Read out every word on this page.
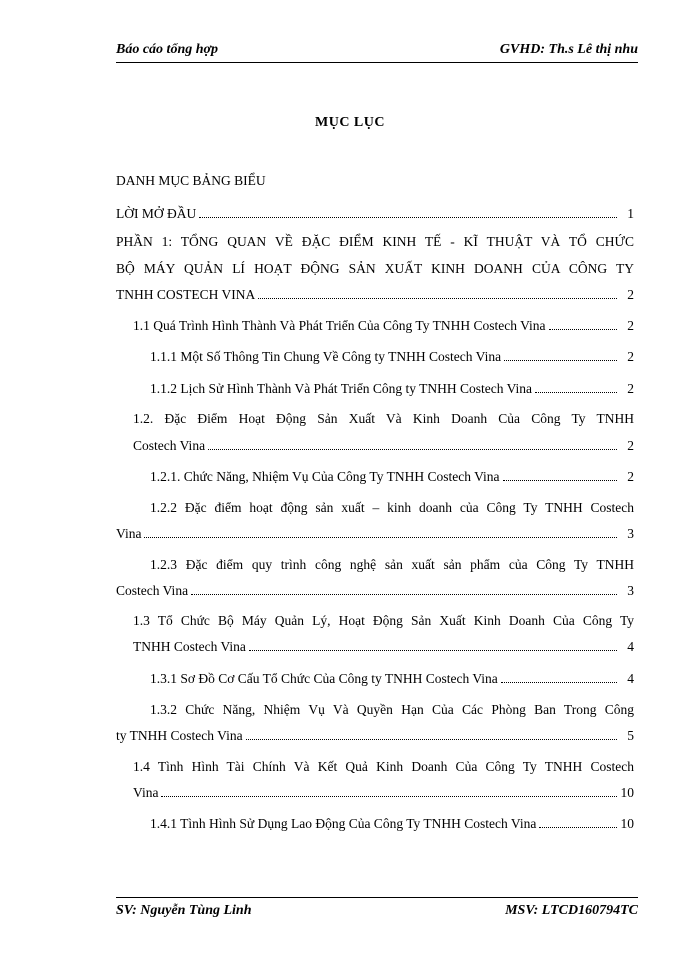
Báo cáo tổng hợp	GVHD: Th.s Lê thị nhu
MỤC LỤC
DANH MỤC BẢNG BIỂU
LỜI MỞ ĐẦU	1
PHẦN 1: TỔNG QUAN VỀ ĐẶC ĐIỂM KINH TẾ - KĨ THUẬT VÀ TỔ CHỨC
BỘ MÁY QUẢN LÍ HOẠT ĐỘNG SẢN XUẤT KINH DOANH CỦA CÔNG TY
TNHH COSTECH VINA	2
1.1 Quá Trình Hình Thành Và Phát Triển Của Công Ty TNHH Costech Vina	2
1.1.1 Một Số Thông Tin Chung Về Công ty TNHH Costech Vina	2
1.1.2 Lịch Sử Hình Thành Và Phát Triển Công ty TNHH Costech Vina	2
1.2. Đặc Điểm Hoạt Động Sản Xuất Và Kinh Doanh Của Công Ty TNHH
Costech Vina	2
1.2.1. Chức Năng, Nhiệm Vụ Của Công Ty TNHH Costech Vina	2
1.2.2 Đặc điểm hoạt động sản xuất – kinh doanh của Công Ty TNHH Costech
Vina	3
1.2.3 Đặc điểm quy trình công nghệ sản xuất sản phẩm của Công Ty TNHH
Costech Vina	3
1.3 Tổ Chức Bộ Máy Quản Lý, Hoạt Động Sản Xuất Kinh Doanh Của Công Ty
TNHH Costech Vina	4
1.3.1 Sơ Đồ Cơ Cấu Tổ Chức Của Công ty TNHH Costech Vina	4
1.3.2 Chức Năng, Nhiệm Vụ Và Quyền Hạn Của Các Phòng Ban Trong Công
ty TNHH Costech Vina	5
1.4 Tình Hình Tài Chính Và Kết Quả Kinh Doanh Của Công Ty TNHH Costech
Vina	10
1.4.1 Tình Hình Sử Dụng Lao Động Của Công Ty TNHH Costech Vina	10
SV: Nguyễn Tùng Linh	MSV: LTCD160794TC
